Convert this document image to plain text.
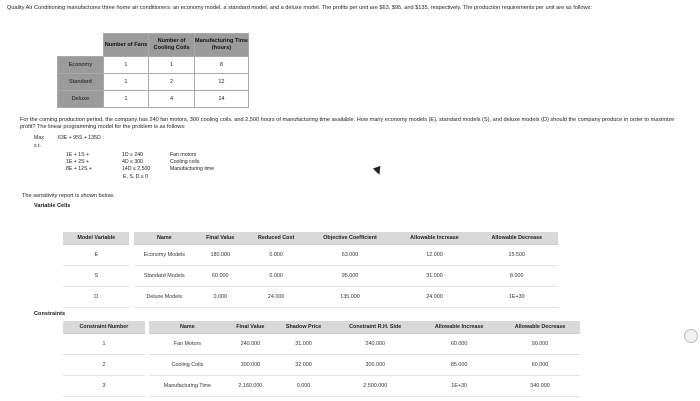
Quality Air Conditioning manufactures three home air conditioners: an economy model, a standard model, and a deluxe model. The profits per unit are $63, $95, and $135, respectively. The production requirements per unit are as follows:
	Number of Fans	Number of Cooling Coils	Manufacturing Time (hours)
Economy	1	1	8
Standard	1	2	12
Deluxe	1	4	14
For the coming production period, the company has 240 fan motors, 300 cooling coils, and 2,500 hours of manufacturing time available. How many economy models (E), standard models (S), and deluxe models (D) should the company produce in order to maximize profit? The linear programming model for the problem is as follows:
Max	63E + 95S + 135D
s.t.
1E + 1S +	1D ≤ 240	Fan motors
1E + 2S +	4D ≤ 300	Cooling coils
8E + 12S +	14D ≤ 2,500	Manufacturing time
E, S, D ≥ 0
The sensitivity report is shown below.
Variable Cells
Model Variable		Name	Final Value	Reduced Cost	Objective Coefficient	Allowable Increase	Allowable Decrease
E		Economy Models	180.000	0.000	63.000	12.000	15.500
S		Standard Models	60.000	0.000	95.000	31.000	8.000
D		Deluxe Models	0.000	24.000	135.000	24.000	1E+30
Constraints
Constraint Number		Name	Final Value	Shadow Price	Constraint R.H. Side	Allowable Increase	Allowable Decrease
1		Fan Motors	240.000	31.000	240.000	60.000	90.000
2		Cooling Coils	300.000	32.000	300.000	85.000	60.000
3		Manufacturing Time	2,160.000	0.000	2,500.000	1E+30	340.000
